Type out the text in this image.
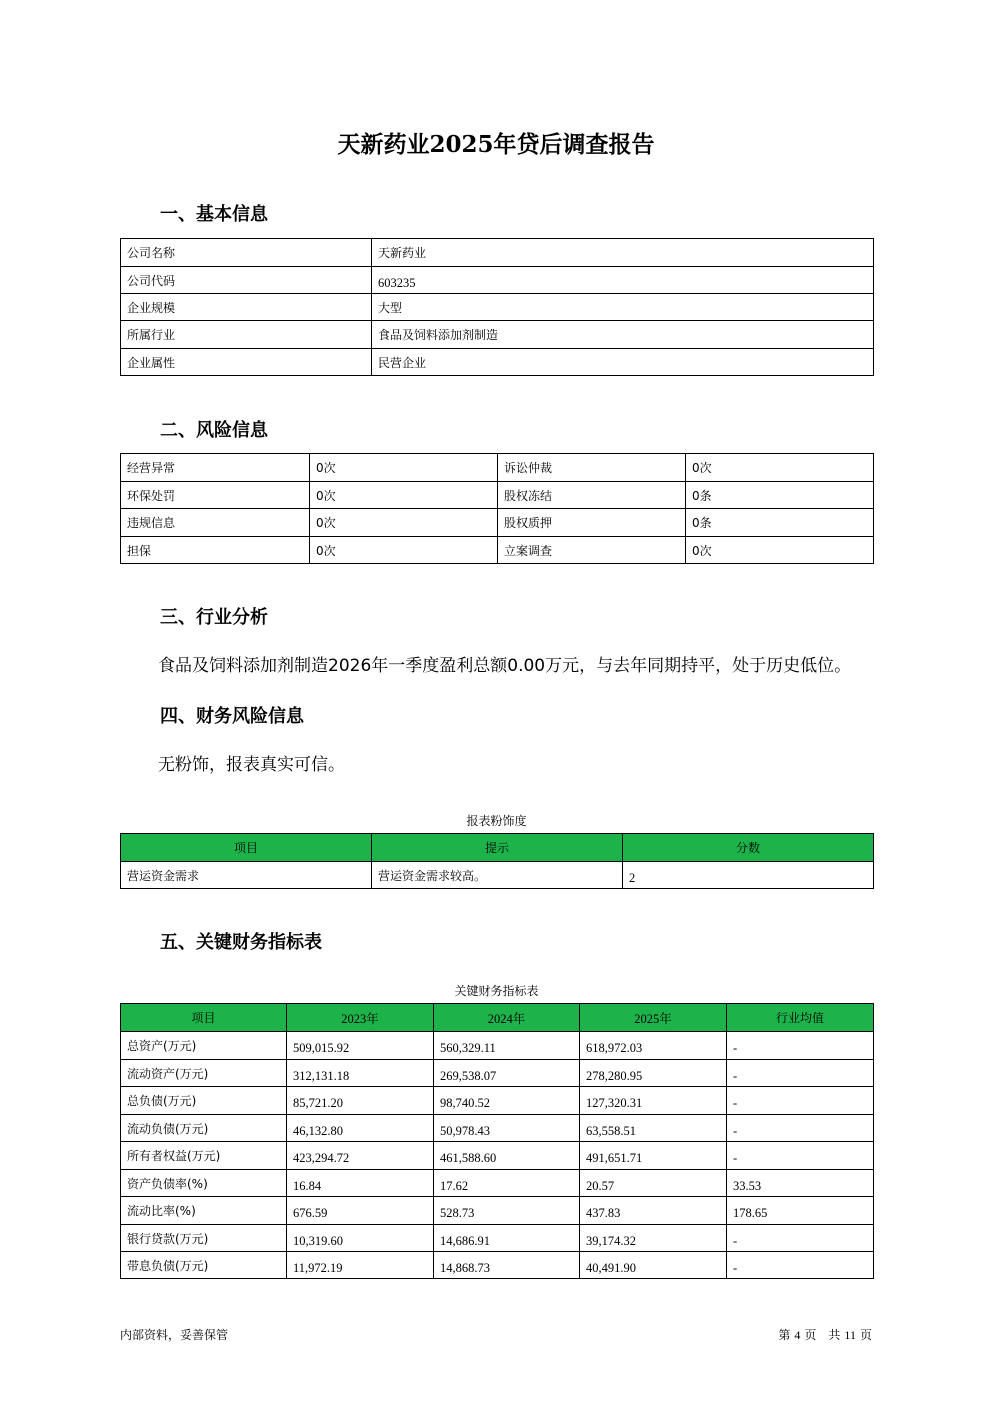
天新药业2025年贷后调查报告
一、基本信息
公司名称	天新药业
公司代码	603235
企业规模	大型
所属行业	食品及饲料添加剂制造
企业属性	民营企业
二、风险信息
经营异常	0次	诉讼仲裁	0次
环保处罚	0次	股权冻结	0条
违规信息	0次	股权质押	0条
担保	0次	立案调查	0次
三、行业分析
食品及饲料添加剂制造2026年一季度盈利总额0.00万元，与去年同期持平，处于历史低位。
四、财务风险信息
无粉饰，报表真实可信。
报表粉饰度
项目	提示	分数
营运资金需求	营运资金需求较高。	2
五、关键财务指标表
关键财务指标表
项目	2023年	2024年	2025年	行业均值
总资产(万元)	509,015.92	560,329.11	618,972.03	-
流动资产(万元)	312,131.18	269,538.07	278,280.95	-
总负债(万元)	85,721.20	98,740.52	127,320.31	-
流动负债(万元)	46,132.80	50,978.43	63,558.51	-
所有者权益(万元)	423,294.72	461,588.60	491,651.71	-
资产负债率(%)	16.84	17.62	20.57	33.53
流动比率(%)	676.59	528.73	437.83	178.65
银行贷款(万元)	10,319.60	14,686.91	39,174.32	-
带息负债(万元)	11,972.19	14,868.73	40,491.90	-
内部资料，妥善保管	第 4 页　共 11 页
